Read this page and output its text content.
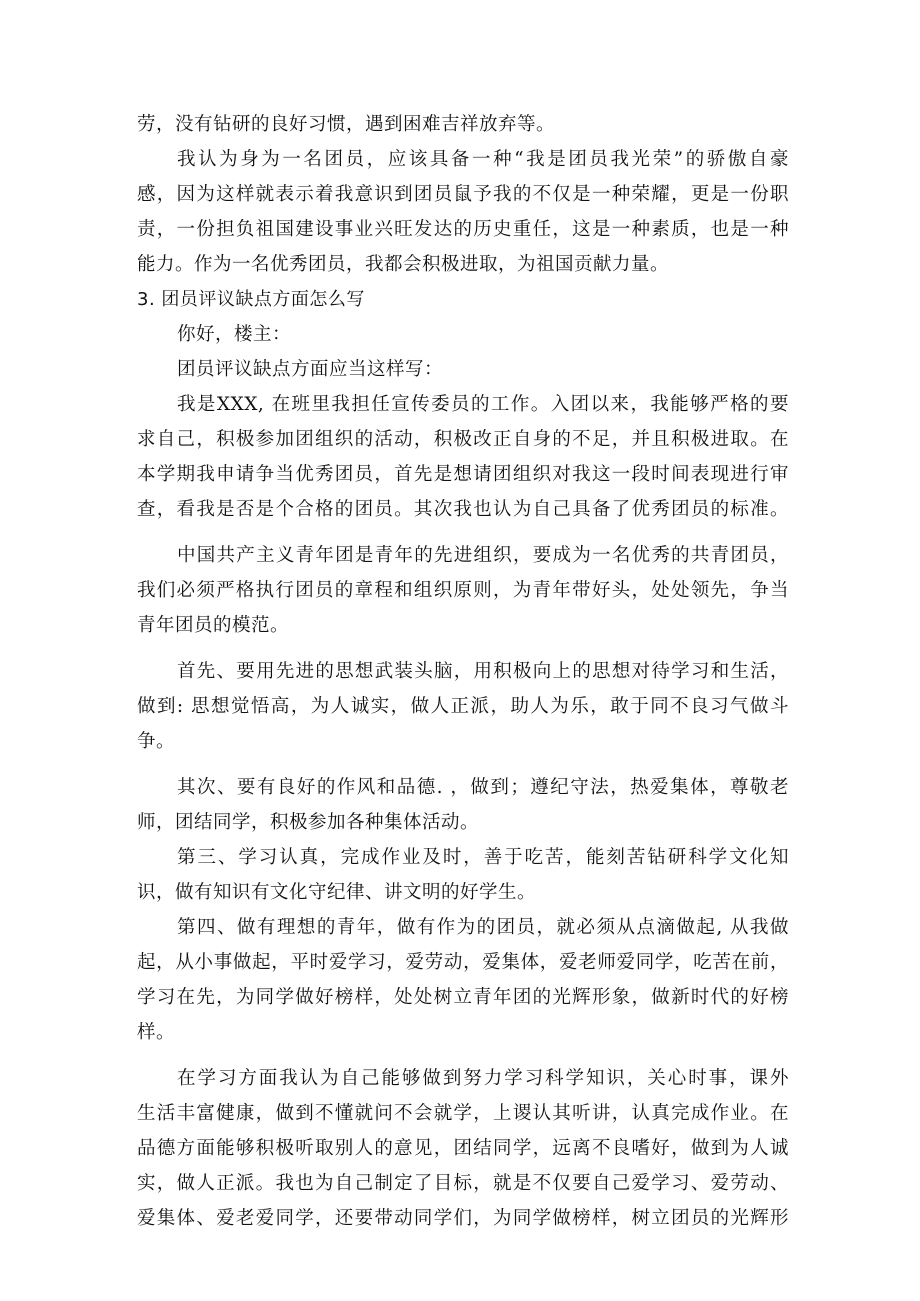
劳，没有钻研的良好习惯，遇到困难吉祥放弃等。
我认为身为一名团员，应该具备一种“我是团员我光荣”的骄傲自豪
感，因为这样就表示着我意识到团员鼠予我的不仅是一种荣耀，更是一份职
责，一份担负祖国建设事业兴旺发达的历史重任，这是一种素质，也是一种
能力。作为一名优秀团员，我都会积极进取，为祖国贡献力量。
3. 团员评议缺点方面怎么写
你好，楼主：
团员评议缺点方面应当这样写：
我是XXX, 在班里我担任宣传委员的工作。入团以来，我能够严格的要
求自己，积极参加团组织的活动，积极改正自身的不足，并且积极进取。在
本学期我申请争当优秀团员，首先是想请团组织对我这一段时间表现进行审
查，看我是否是个合格的团员。其次我也认为自己具备了优秀团员的标准。
中国共产主义青年团是青年的先进组织，要成为一名优秀的共青团员，
我们必须严格执行团员的章程和组织原则，为青年带好头，处处领先，争当
青年团员的模范。
首先、要用先进的思想武装头脑，用积极向上的思想对待学习和生活，
做到: 思想觉悟高，为人诚实，做人正派，助人为乐，敢于同不良习气做斗
争。
其次、要有良好的作风和品德. ，做到；遵纪守法，热爱集体，尊敬老
师，团结同学，积极参加各种集体活动。
第三、学习认真，完成作业及时，善于吃苦，能刻苦钻研科学文化知
识，做有知识有文化守纪律、讲文明的好学生。
第四、做有理想的青年，做有作为的团员，就必须从点滴做起, 从我做
起，从小事做起，平时爱学习，爱劳动，爱集体，爱老师爱同学，吃苦在前，
学习在先，为同学做好榜样，处处树立青年团的光辉形象，做新时代的好榜
样。
在学习方面我认为自己能够做到努力学习科学知识，关心时事，课外
生活丰富健康，做到不懂就问不会就学，上谡认其听讲，认真完成作业。在
品德方面能够积极听取别人的意见，团结同学，远离不良嗜好，做到为人诚
实，做人正派。我也为自己制定了目标，就是不仅要自己爱学习、爱劳动、
爱集体、爱老爱同学，还要带动同学们，为同学做榜样，树立团员的光辉形
